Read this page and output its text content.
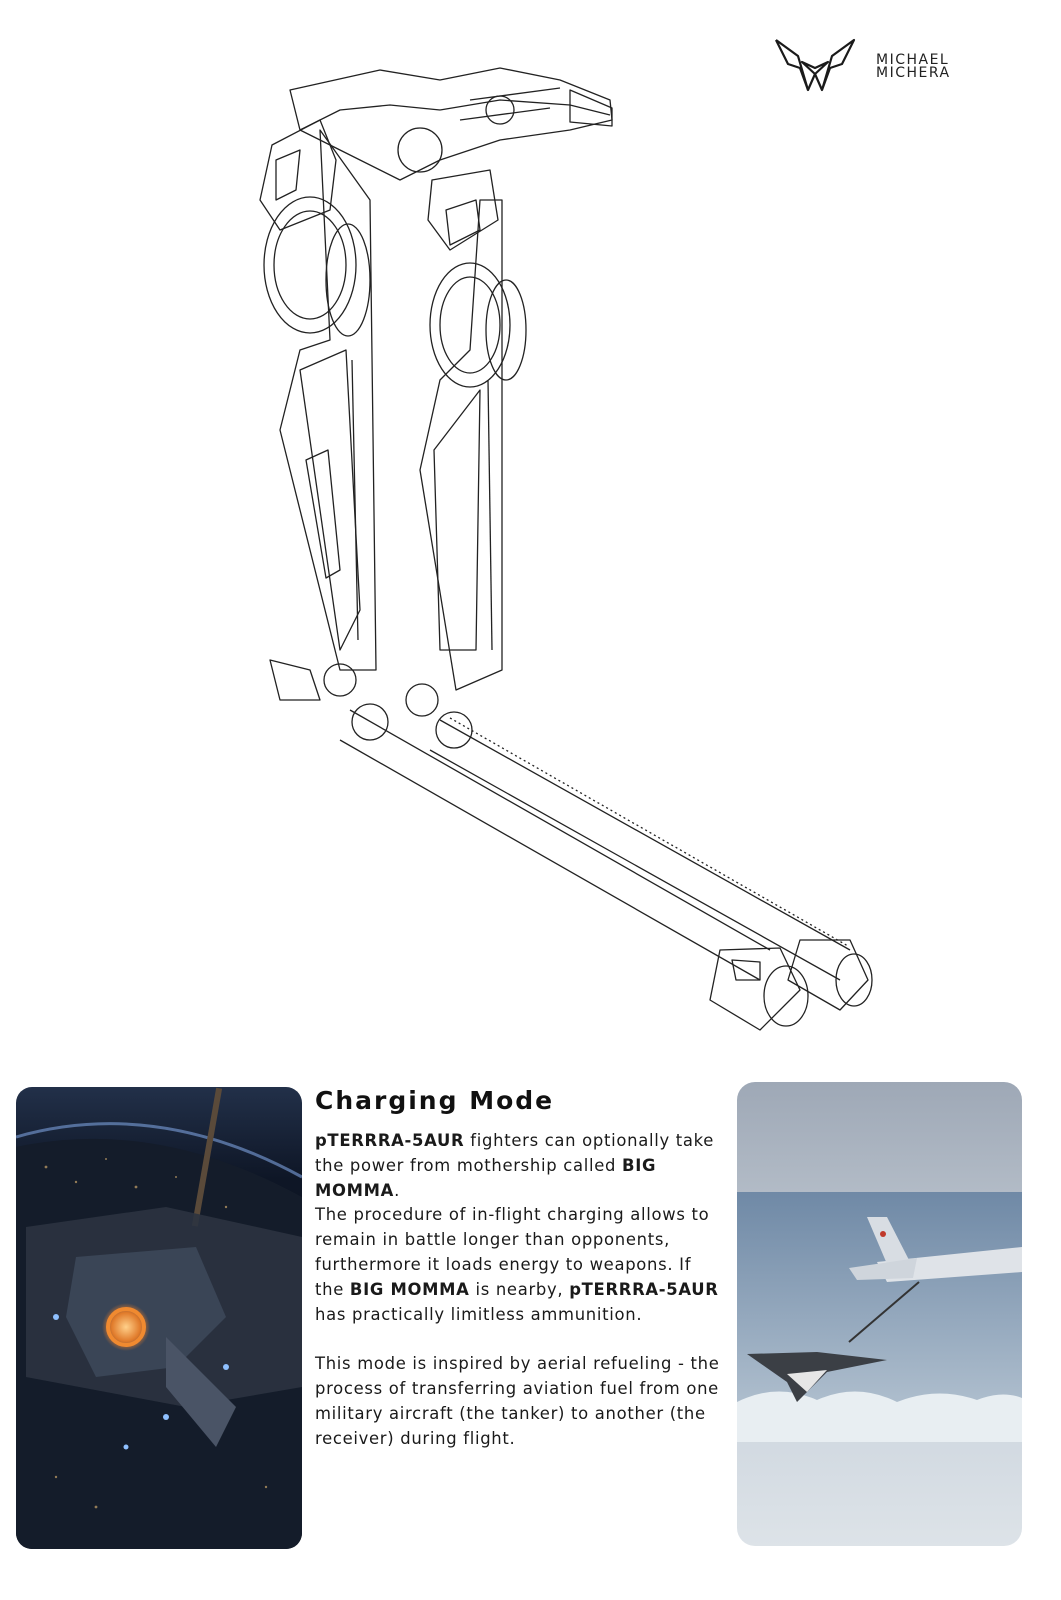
MICHAEL
MICHERA
Charging Mode

pTERRRA-5AUR fighters can optionally take the power from mothership called BIG MOMMA.
The procedure of in-flight charging allows to remain in battle longer than opponents, furthermore it loads energy to weapons. If the BIG MOMMA is nearby, pTERRRA-5AUR has practically limitless ammunition.

This mode is inspired by aerial refueling - the process of transferring aviation fuel from one military aircraft (the tanker) to another (the receiver) during flight.
